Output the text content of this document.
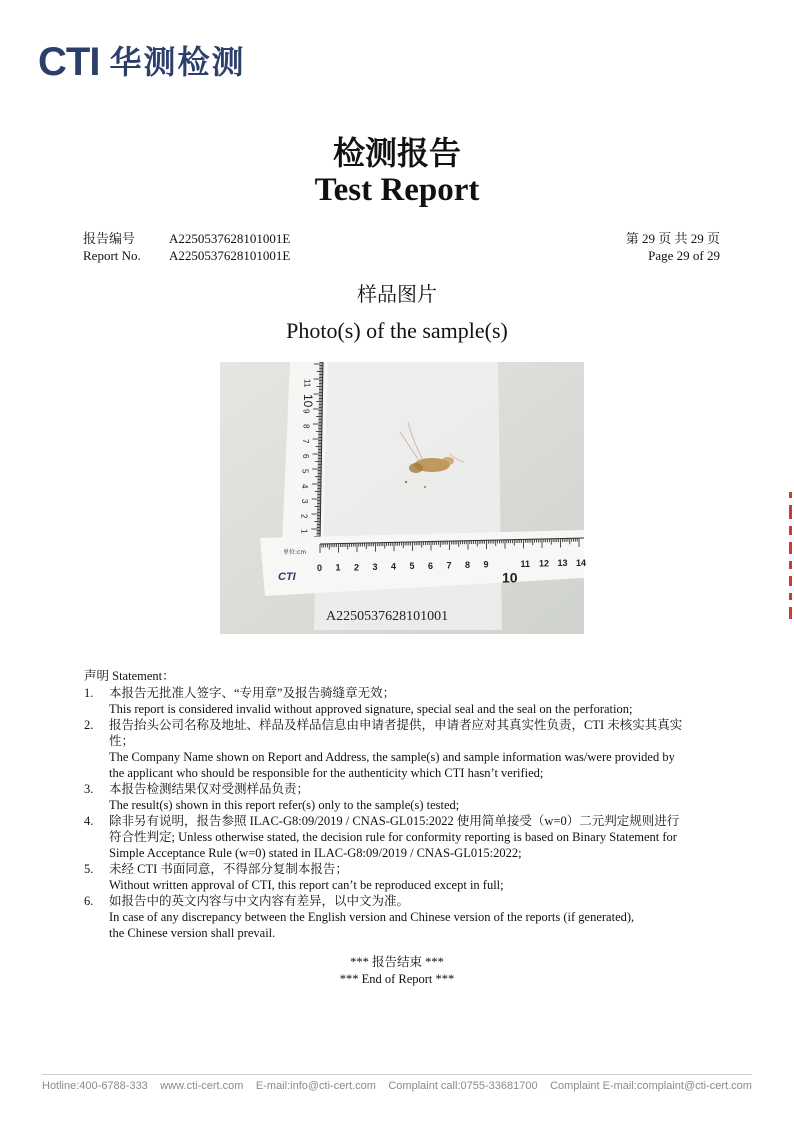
CTI 华测检测
检测报告
Test Report
报告编号	A2250537628101001E
Report No.	A2250537628101001E
第 29 页 共 29 页
Page 29 of 29
样品图片
Photo(s) of the sample(s)
11
10
9
8
7
6
5
4
3
2
1
0 1 2 3 4 5 6 7 8 9
10
11 12 13 14
单位:cm
CTI
A2250537628101001
声明 Statement：
1.	本报告无批准人签字、“专用章”及报告骑缝章无效；
This report is considered invalid without approved signature, special seal and the seal on the perforation;
2.	报告抬头公司名称及地址、样品及样品信息由申请者提供，申请者应对其真实性负责，CTI 未核实其真实
性；
The Company Name shown on Report and Address, the sample(s) and sample information was/were provided by
the applicant who should be responsible for the authenticity which CTI hasn’t verified;
3.	本报告检测结果仅对受测样品负责；
The result(s) shown in this report refer(s) only to the sample(s) tested;
4.	除非另有说明，报告参照 ILAC-G8:09/2019 / CNAS-GL015:2022 使用简单接受（w=0）二元判定规则进行
符合性判定; Unless otherwise stated, the decision rule for conformity reporting is based on Binary Statement for
Simple Acceptance Rule (w=0) stated in ILAC-G8:09/2019 / CNAS-GL015:2022;
5.	未经 CTI 书面同意，不得部分复制本报告；
Without written approval of CTI, this report can’t be reproduced except in full;
6.	如报告中的英文内容与中文内容有差异，以中文为准。
In case of any discrepancy between the English version and Chinese version of the reports (if generated),
the Chinese version shall prevail.
*** 报告结束 ***
*** End of Report ***
Hotline:400-6788-333 www.cti-cert.com E-mail:info@cti-cert.com Complaint call:0755-33681700 Complaint E-mail:complaint@cti-cert.com
